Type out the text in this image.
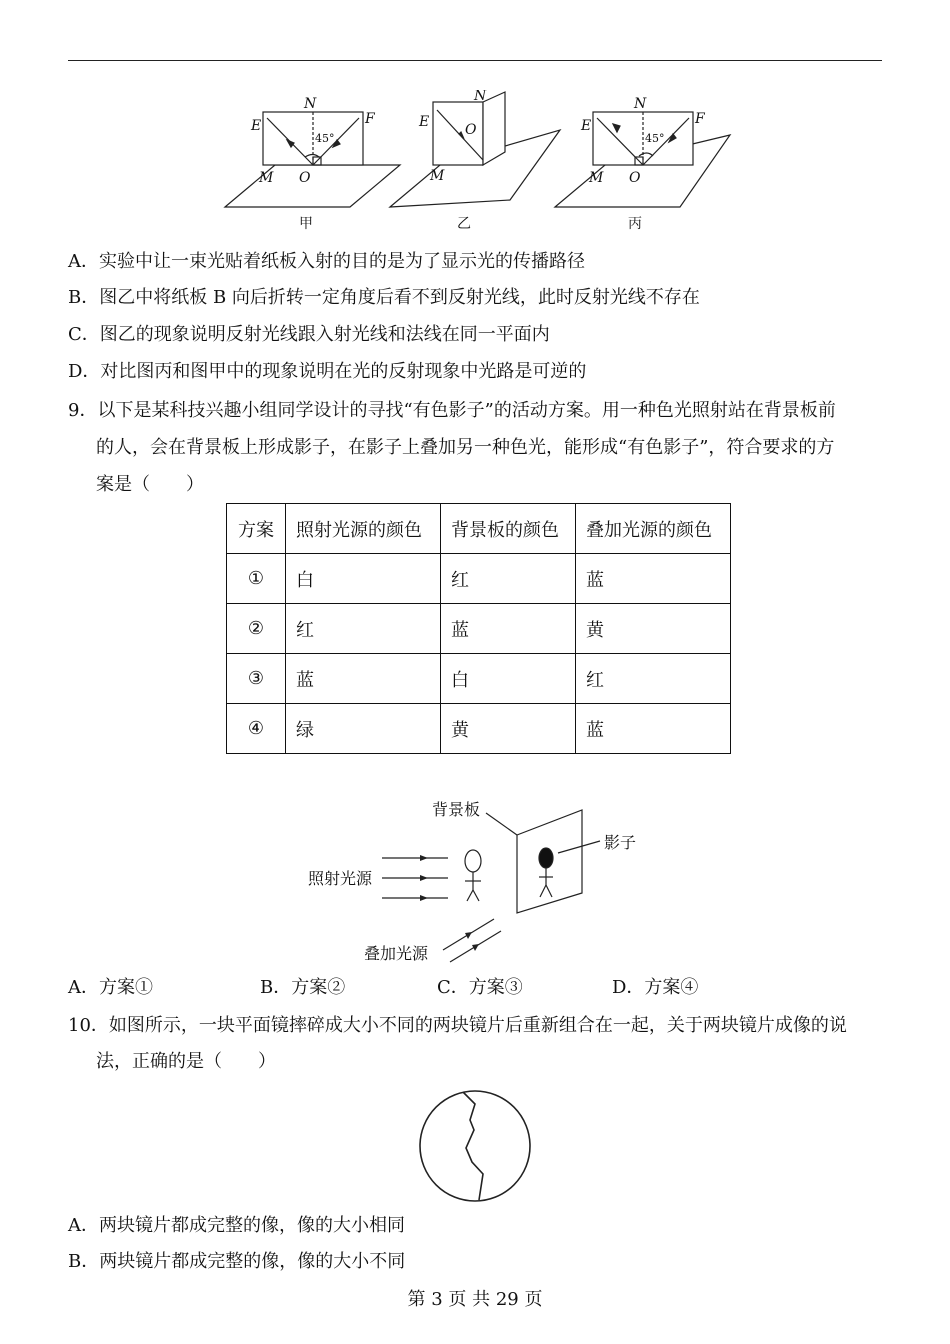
N
E	F
O
M
N
E	O
M
N
E	F
O
M
45°	45°
甲	乙	丙
A．实验中让一束光贴着纸板入射的目的是为了显示光的传播路径
B．图乙中将纸板 B 向后折转一定角度后看不到反射光线，此时反射光线不存在
C．图乙的现象说明反射光线跟入射光线和法线在同一平面内
D．对比图丙和图甲中的现象说明在光的反射现象中光路是可逆的
9．以下是某科技兴趣小组同学设计的寻找“有色影子”的活动方案。用一种色光照射站在背景板前
的人，会在背景板上形成影子，在影子上叠加另一种色光，能形成“有色影子”，符合要求的方
案是（　　）
方案	照射光源的颜色	背景板的颜色	叠加光源的颜色
①	白	红	蓝
②	红	蓝	黄
③	蓝	白	红
④	绿	黄	蓝
背景板
影子
照射光源
叠加光源
A．方案①	B．方案②	C．方案③	D．方案④
10．如图所示，一块平面镜摔碎成大小不同的两块镜片后重新组合在一起，关于两块镜片成像的说
法，正确的是（　　）
A．两块镜片都成完整的像，像的大小相同
B．两块镜片都成完整的像，像的大小不同
第 3 页 共 29 页
